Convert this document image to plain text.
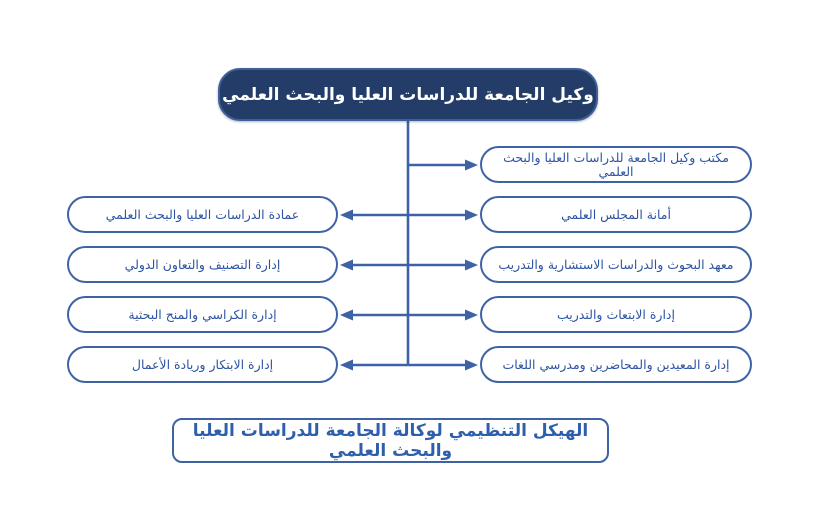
وكيل الجامعة للدراسات العليا والبحث العلمي
مكتب وكيل الجامعة للدراسات العليا والبحث العلمي
أمانة المجلس العلمي
معهد البحوث والدراسات الاستشارية والتدريب
إدارة الابتعاث والتدريب
إدارة المعيدين والمحاضرين ومدرسي اللغات
عمادة الدراسات العليا والبحث العلمي
إدارة التصنيف والتعاون الدولي
إدارة الكراسي والمنح البحثية
إدارة الابتكار وريادة الأعمال
الهيكل التنظيمي لوكالة الجامعة للدراسات العليا والبحث العلمي
